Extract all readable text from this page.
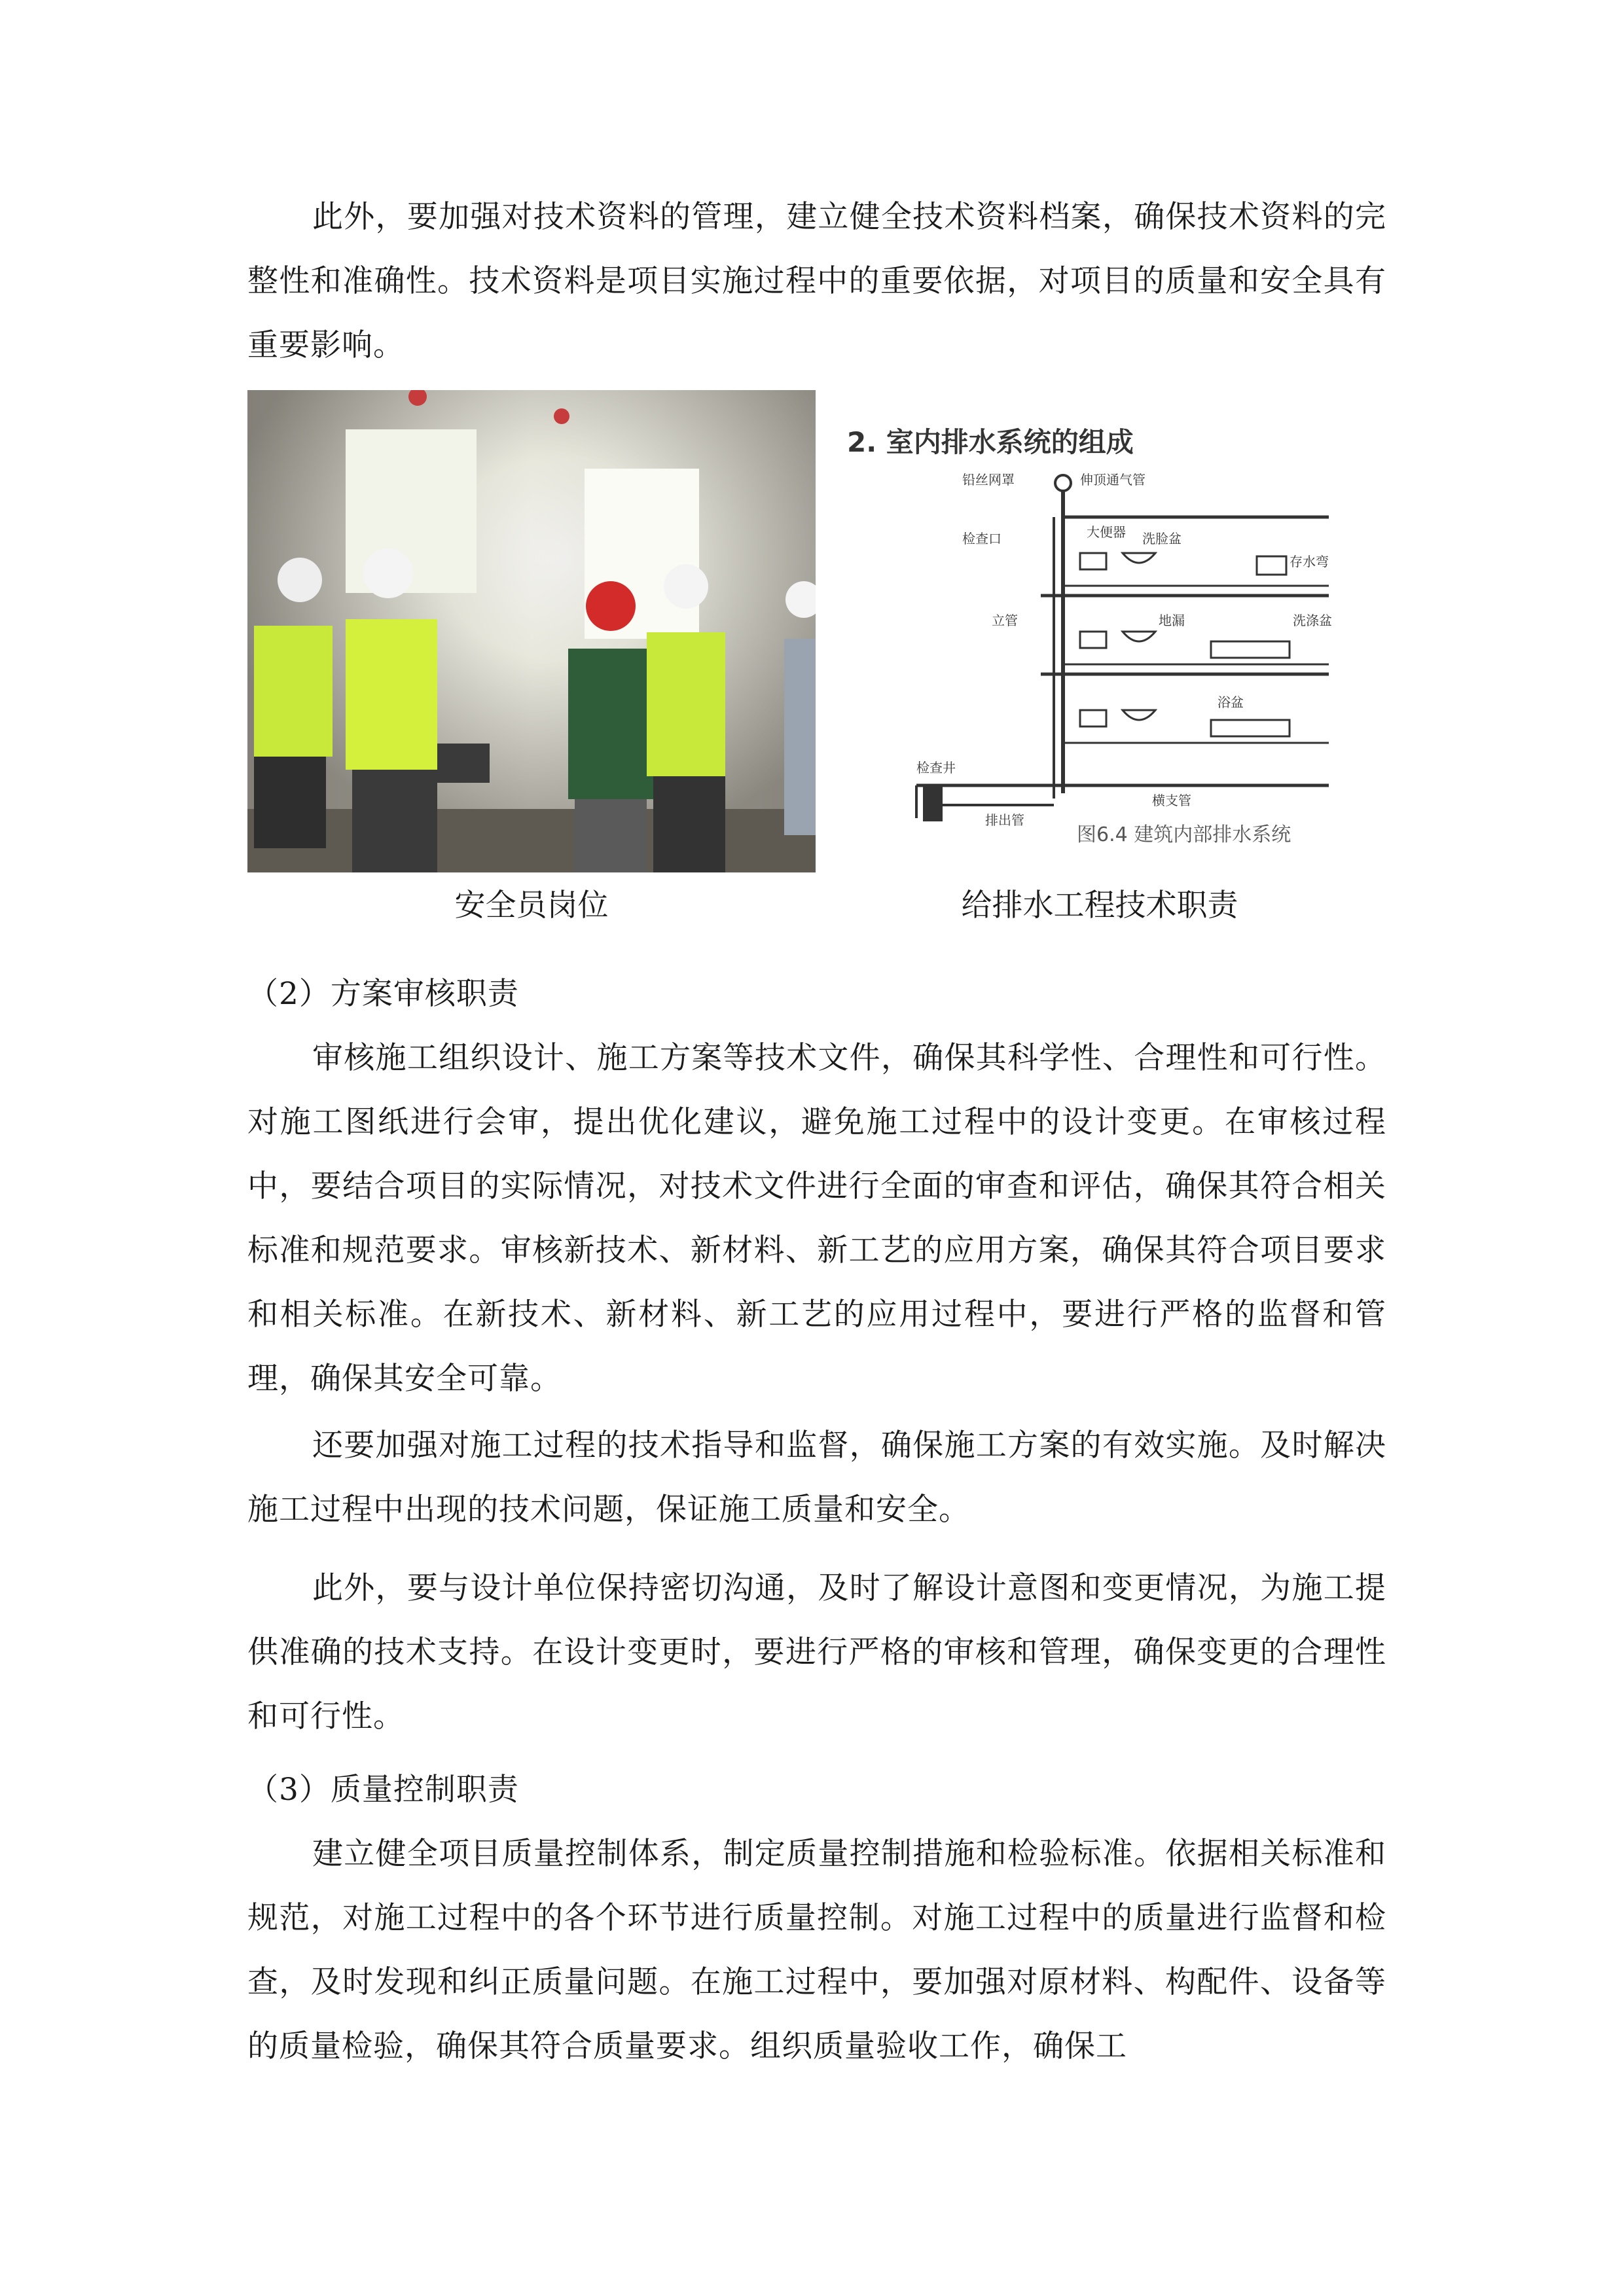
此外，要加强对技术资料的管理，建立健全技术资料档案，确保技术资料的完整性和准确性。技术资料是项目实施过程中的重要依据，对项目的质量和安全具有重要影响。

2. 室内排水系统的组成
铅丝网罩	伸顶通气管
检查口	大便器 洗脸盆
存水弯
立管	地漏	洗涤盆
浴盆
检查井
横支管
排出管
图6.4 建筑内部排水系统
安全员岗位	给排水工程技术职责

（2）方案审核职责

审核施工组织设计、施工方案等技术文件，确保其科学性、合理性和可行性。对施工图纸进行会审，提出优化建议，避免施工过程中的设计变更。在审核过程中，要结合项目的实际情况，对技术文件进行全面的审查和评估，确保其符合相关标准和规范要求。审核新技术、新材料、新工艺的应用方案，确保其符合项目要求和相关标准。在新技术、新材料、新工艺的应用过程中，要进行严格的监督和管理，确保其安全可靠。

还要加强对施工过程的技术指导和监督，确保施工方案的有效实施。及时解决施工过程中出现的技术问题，保证施工质量和安全。

此外，要与设计单位保持密切沟通，及时了解设计意图和变更情况，为施工提供准确的技术支持。在设计变更时，要进行严格的审核和管理，确保变更的合理性和可行性。

（3）质量控制职责

建立健全项目质量控制体系，制定质量控制措施和检验标准。依据相关标准和规范，对施工过程中的各个环节进行质量控制。对施工过程中的质量进行监督和检查，及时发现和纠正质量问题。在施工过程中，要加强对原材料、构配件、设备等的质量检验，确保其符合质量要求。组织质量验收工作，确保工
